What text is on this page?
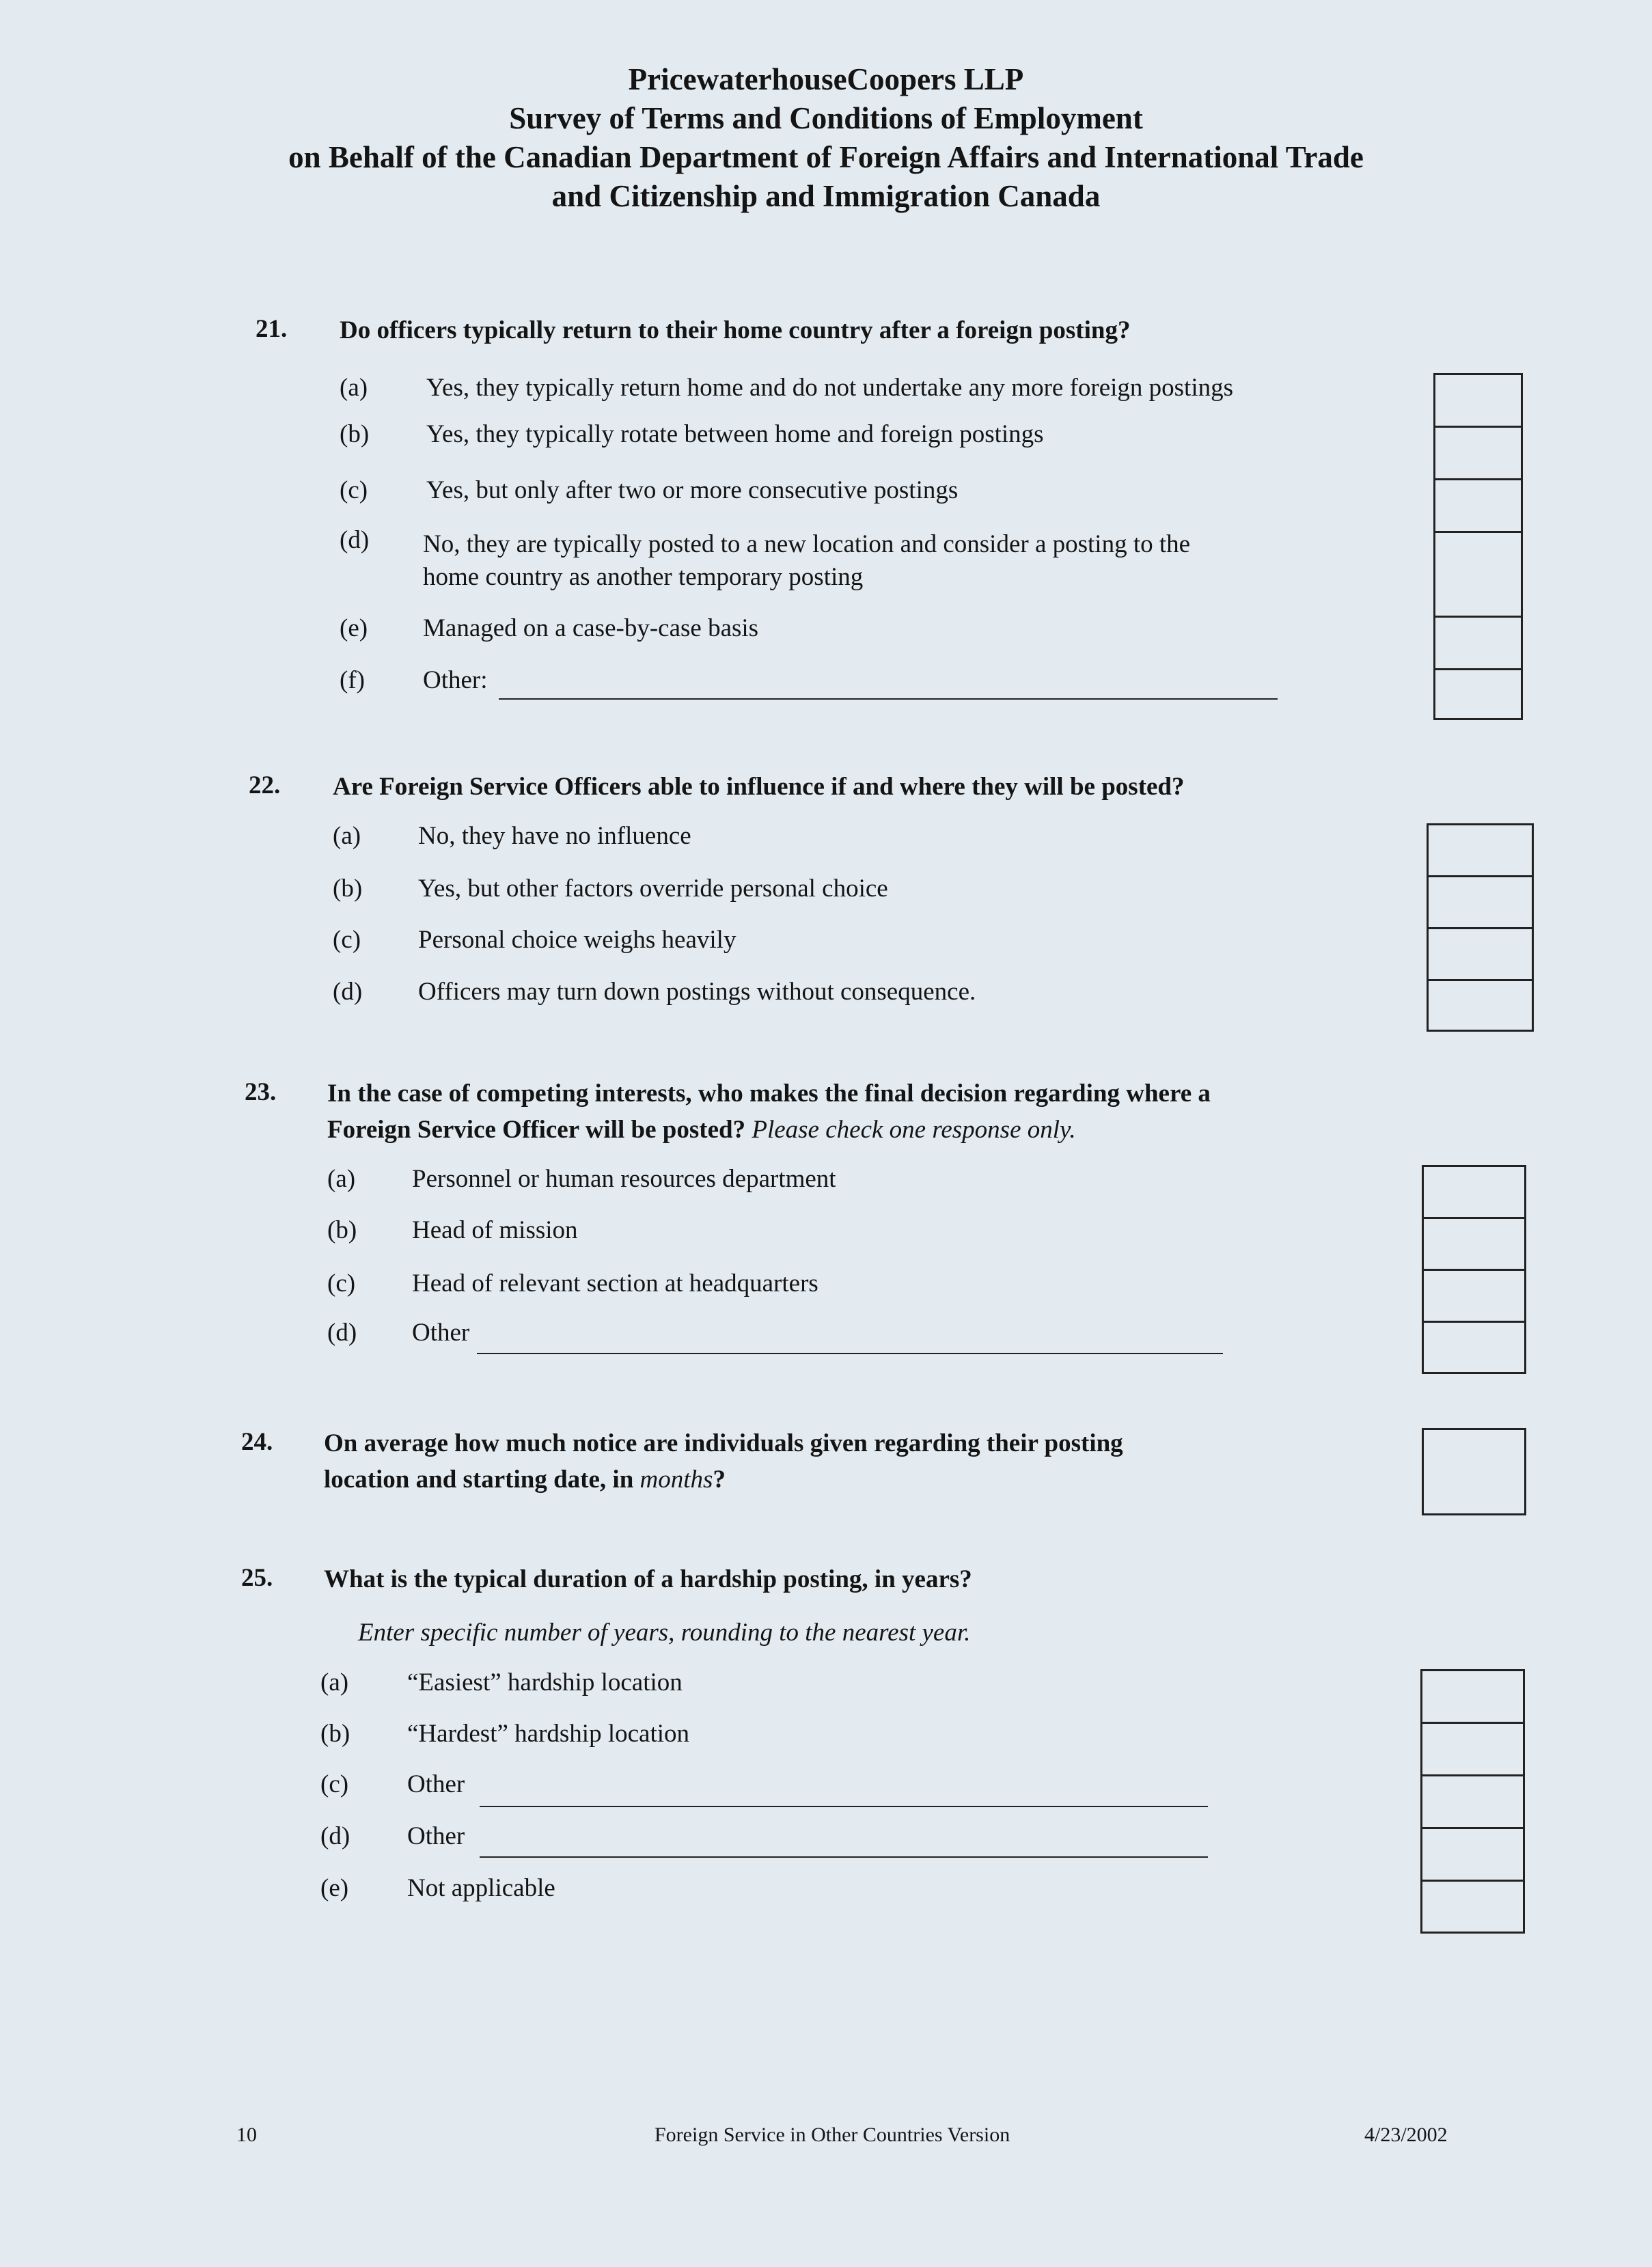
PricewaterhouseCoopers LLP
Survey of Terms and Conditions of Employment
on Behalf of the Canadian Department of Foreign Affairs and International Trade
and Citizenship and Immigration Canada
21. Do officers typically return to their home country after a foreign posting?
(a) Yes, they typically return home and do not undertake any more foreign postings
(b) Yes, they typically rotate between home and foreign postings
(c) Yes, but only after two or more consecutive postings
(d) No, they are typically posted to a new location and consider a posting to the
home country as another temporary posting
(e) Managed on a case-by-case basis
(f) Other:
22. Are Foreign Service Officers able to influence if and where they will be posted?
(a) No, they have no influence
(b) Yes, but other factors override personal choice
(c) Personal choice weighs heavily
(d) Officers may turn down postings without consequence.
23. In the case of competing interests, who makes the final decision regarding where a
Foreign Service Officer will be posted? Please check one response only.
(a) Personnel or human resources department
(b) Head of mission
(c) Head of relevant section at headquarters
(d) Other
24. On average how much notice are individuals given regarding their posting
location and starting date, in months?
25. What is the typical duration of a hardship posting, in years?
Enter specific number of years, rounding to the nearest year.
(a) “Easiest” hardship location
(b) “Hardest” hardship location
(c) Other
(d) Other
(e) Not applicable
10	Foreign Service in Other Countries Version	4/23/2002
